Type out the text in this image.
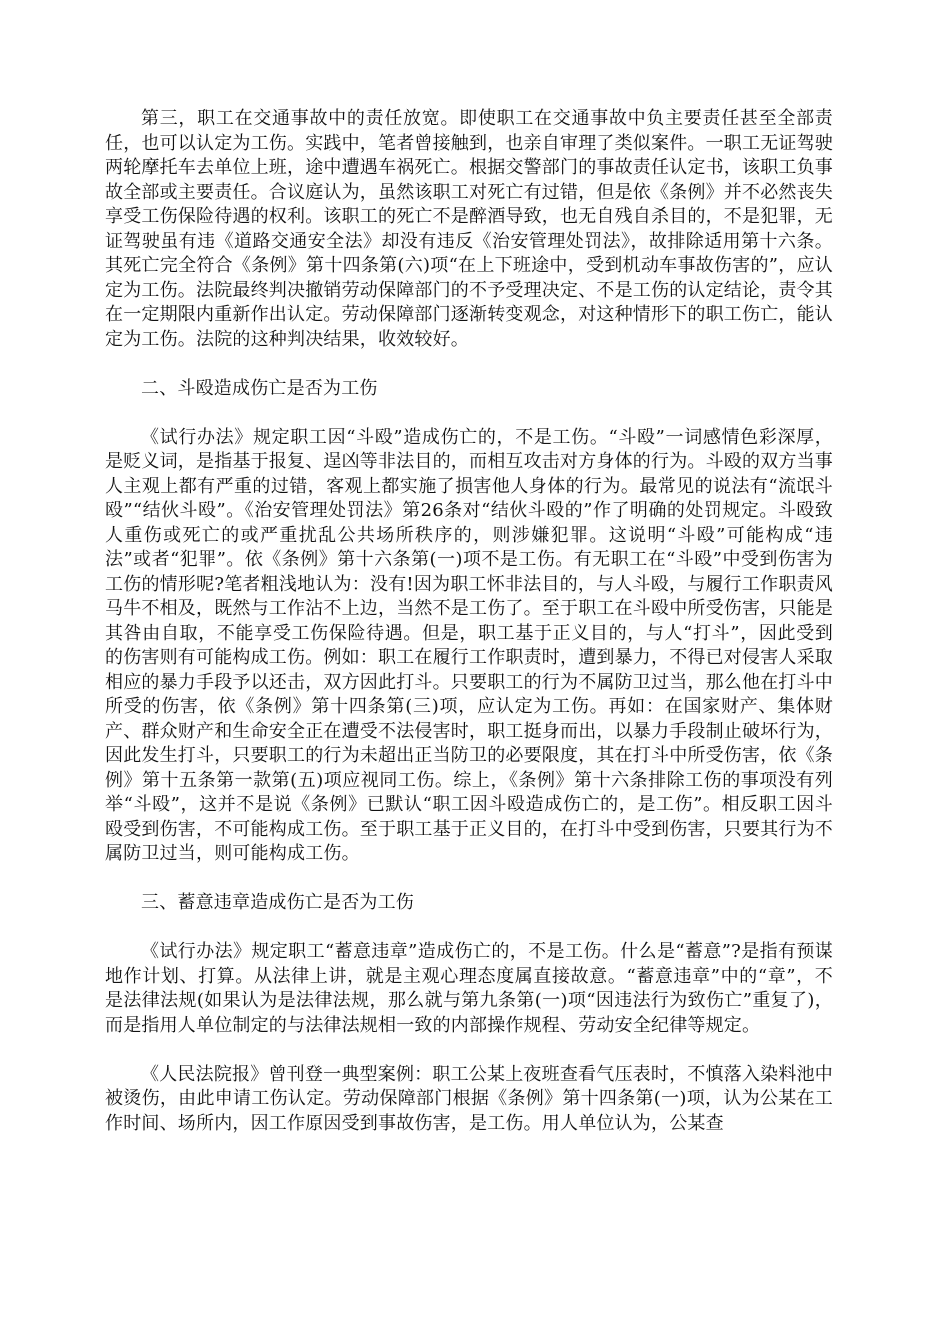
第三，职工在交通事故中的责任放宽。即使职工在交通事故中负主要责任甚至全部责任，也可以认定为工伤。实践中，笔者曾接触到，也亲自审理了类似案件。一职工无证驾驶两轮摩托车去单位上班，途中遭遇车祸死亡。根据交警部门的事故责任认定书，该职工负事故全部或主要责任。合议庭认为，虽然该职工对死亡有过错，但是依《条例》并不必然丧失享受工伤保险待遇的权利。该职工的死亡不是醉酒导致，也无自残自杀目的，不是犯罪，无证驾驶虽有违《道路交通安全法》却没有违反《治安管理处罚法》，故排除适用第十六条。其死亡完全符合《条例》第十四条第(六)项“在上下班途中，受到机动车事故伤害的”，应认定为工伤。法院最终判决撤销劳动保障部门的不予受理决定、不是工伤的认定结论，责令其在一定期限内重新作出认定。劳动保障部门逐渐转变观念，对这种情形下的职工伤亡，能认定为工伤。法院的这种判决结果，收效较好。

二、斗殴造成伤亡是否为工伤

《试行办法》规定职工因“斗殴”造成伤亡的，不是工伤。“斗殴”一词感情色彩深厚，是贬义词，是指基于报复、逞凶等非法目的，而相互攻击对方身体的行为。斗殴的双方当事人主观上都有严重的过错，客观上都实施了损害他人身体的行为。最常见的说法有“流氓斗殴”“结伙斗殴”。《治安管理处罚法》第26条对“结伙斗殴的”作了明确的处罚规定。斗殴致人重伤或死亡的或严重扰乱公共场所秩序的，则涉嫌犯罪。这说明“斗殴”可能构成“违法”或者“犯罪”。依《条例》第十六条第(一)项不是工伤。有无职工在“斗殴”中受到伤害为工伤的情形呢?笔者粗浅地认为：没有!因为职工怀非法目的，与人斗殴，与履行工作职责风马牛不相及，既然与工作沾不上边，当然不是工伤了。至于职工在斗殴中所受伤害，只能是其咎由自取，不能享受工伤保险待遇。但是，职工基于正义目的，与人“打斗”，因此受到的伤害则有可能构成工伤。例如：职工在履行工作职责时，遭到暴力，不得已对侵害人采取相应的暴力手段予以还击，双方因此打斗。只要职工的行为不属防卫过当，那么他在打斗中所受的伤害，依《条例》第十四条第(三)项，应认定为工伤。再如：在国家财产、集体财产、群众财产和生命安全正在遭受不法侵害时，职工挺身而出，以暴力手段制止破坏行为，因此发生打斗，只要职工的行为未超出正当防卫的必要限度，其在打斗中所受伤害，依《条例》第十五条第一款第(五)项应视同工伤。综上，《条例》第十六条排除工伤的事项没有列举“斗殴”，这并不是说《条例》已默认“职工因斗殴造成伤亡的，是工伤”。相反职工因斗殴受到伤害，不可能构成工伤。至于职工基于正义目的，在打斗中受到伤害，只要其行为不属防卫过当，则可能构成工伤。

三、蓄意违章造成伤亡是否为工伤

《试行办法》规定职工“蓄意违章”造成伤亡的，不是工伤。什么是“蓄意”?是指有预谋地作计划、打算。从法律上讲，就是主观心理态度属直接故意。“蓄意违章”中的“章”，不是法律法规(如果认为是法律法规，那么就与第九条第(一)项“因违法行为致伤亡”重复了)，而是指用人单位制定的与法律法规相一致的内部操作规程、劳动安全纪律等规定。

《人民法院报》曾刊登一典型案例：职工公某上夜班查看气压表时，不慎落入染料池中被烫伤，由此申请工伤认定。劳动保障部门根据《条例》第十四条第(一)项，认为公某在工作时间、场所内，因工作原因受到事故伤害，是工伤。用人单位认为，公某查
